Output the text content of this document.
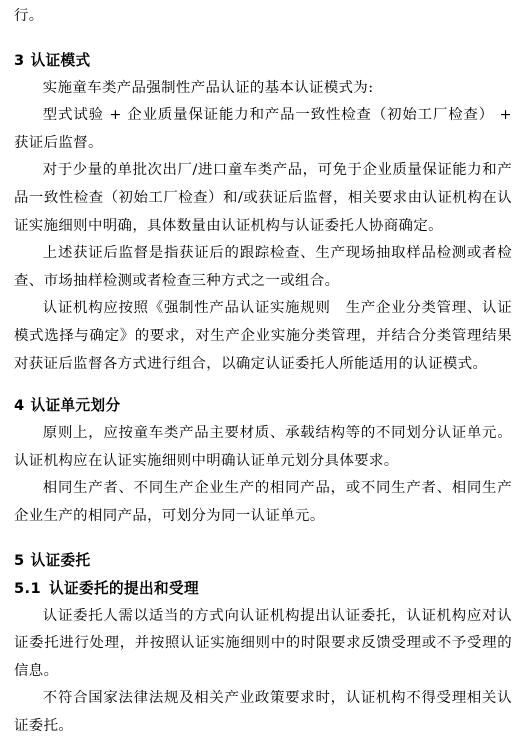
行。

3 认证模式

实施童车类产品强制性产品认证的基本认证模式为:

型式试验 + 企业质量保证能力和产品一致性检查（初始工厂检查） + 获证后监督。

对于少量的单批次出厂/进口童车类产品，可免于企业质量保证能力和产品一致性检查（初始工厂检查）和/或获证后监督，相关要求由认证机构在认证实施细则中明确，具体数量由认证机构与认证委托人协商确定。

上述获证后监督是指获证后的跟踪检查、生产现场抽取样品检测或者检查、市场抽样检测或者检查三种方式之一或组合。

认证机构应按照《强制性产品认证实施规则　生产企业分类管理、认证模式选择与确定》的要求，对生产企业实施分类管理，并结合分类管理结果对获证后监督各方式进行组合，以确定认证委托人所能适用的认证模式。

4 认证单元划分

原则上，应按童车类产品主要材质、承载结构等的不同划分认证单元。认证机构应在认证实施细则中明确认证单元划分具体要求。

相同生产者、不同生产企业生产的相同产品，或不同生产者、相同生产企业生产的相同产品，可划分为同一认证单元。

5 认证委托
5.1 认证委托的提出和受理

认证委托人需以适当的方式向认证机构提出认证委托，认证机构应对认证委托进行处理，并按照认证实施细则中的时限要求反馈受理或不予受理的信息。

不符合国家法律法规及相关产业政策要求时，认证机构不得受理相关认证委托。
